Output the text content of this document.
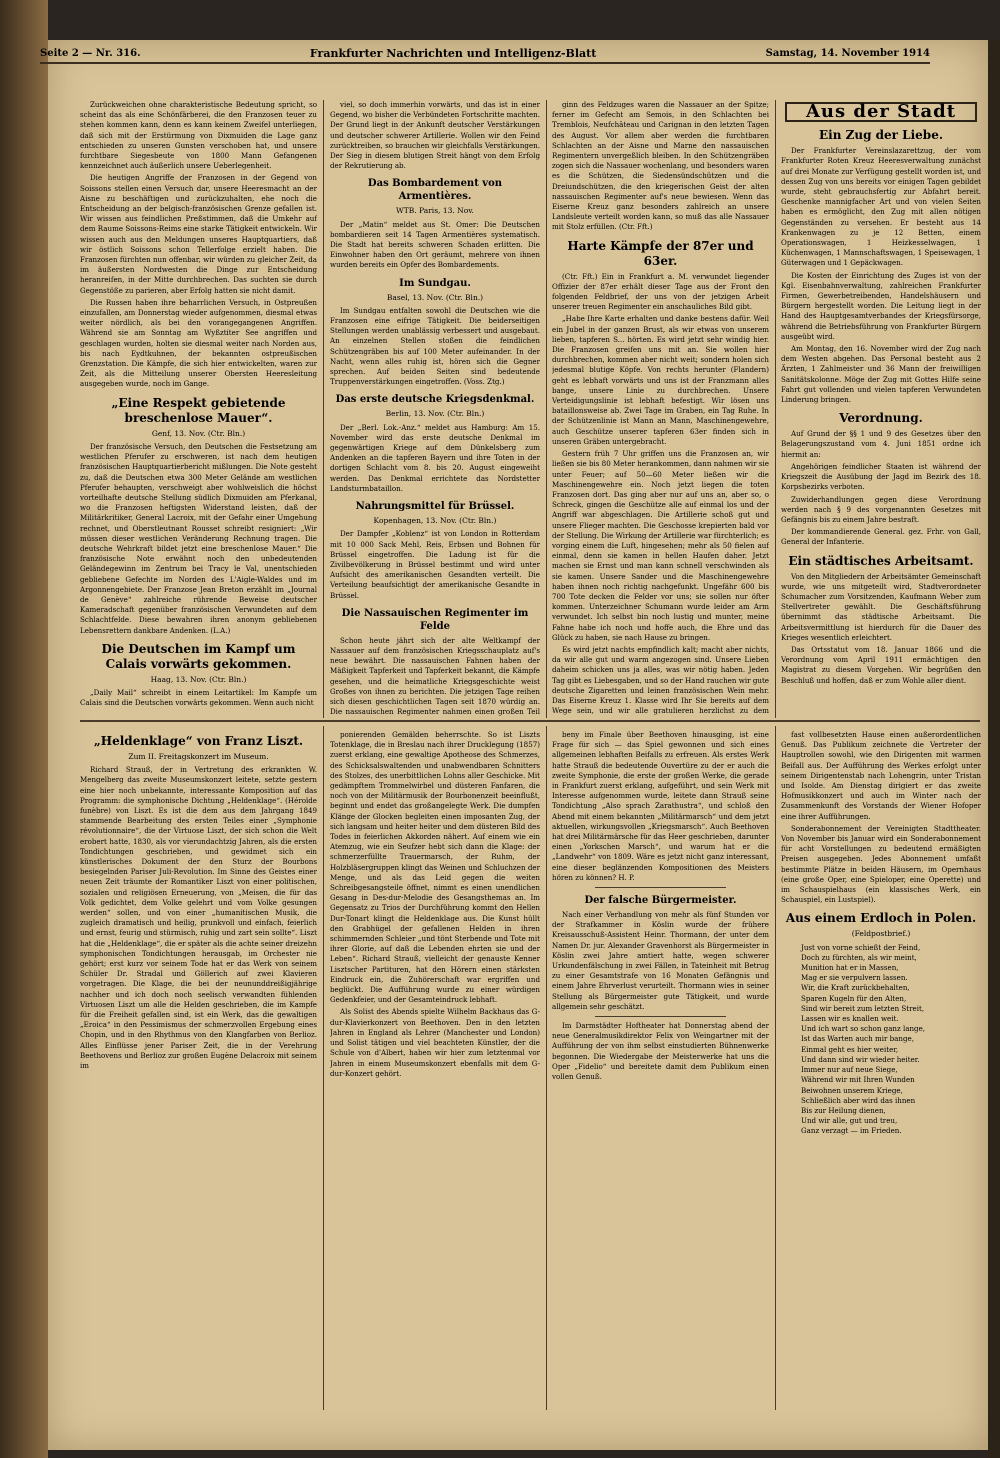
Seite 2 — Nr. 316.	Frankfurter Nachrichten und Intelligenz-Blatt	Samstag, 14. November 1914

Zurückweichen ohne charakteristische Bedeutung spricht, so scheint das als eine Schönfärberei, die den Franzosen teuer zu stehen kommen kann, denn es kann keinem Zweifel unterliegen, daß sich mit der Erstürmung von Dixmuiden die Lage ganz entschieden zu unseren Gunsten verschoben hat, und unsere furchtbare Siegesbeute von 1800 Mann Gefangenen kennzeichnet auch äußerlich unsere Ueberlegenheit.

Die heutigen Angriffe der Franzosen in der Gegend von Soissons stellen einen Versuch dar, unsere Heeresmacht an der Aisne zu beschäftigen und zurückzuhalten, ehe noch die Entscheidung an der belgisch-französischen Grenze gefallen ist. Wir wissen aus feindlichen Preßstimmen, daß die Umkehr auf dem Raume Soissons-Reims eine starke Tätigkeit entwickeln. Wir wissen auch aus den Meldungen unseres Hauptquartiers, daß wir östlich Soissons schon Tellerfolge erzielt haben. Die Franzosen fürchten nun offenbar, wir würden zu gleicher Zeit, da im äußersten Nordwesten die Dinge zur Entscheidung heranreifen, in der Mitte durchbrechen. Das suchten sie durch Gegenstöße zu parieren, aber Erfolg hatten sie nicht damit.

Die Russen haben ihre beharrlichen Versuch, in Ostpreußen einzufallen, am Donnerstag wieder aufgenommen, diesmal etwas weiter nördlich, als bei den vorangegangenen Angriffen. Während sie am Sonntag am Wyßztiter See angriffen und geschlagen wurden, holten sie diesmal weiter nach Norden aus, bis nach Eydtkuhnen, der bekannten ostpreußischen Grenzstation. Die Kämpfe, die sich hier entwickelten, waren zur Zeit, als die Mitteilung unserer Obersten Heeresleitung ausgegeben wurde, noch im Gange.

„Eine Respekt gebietende breschenlose Mauer“.
Genf, 13. Nov. (Ctr. Bln.)

Der französische Versuch, den Deutschen die Festsetzung am westlichen Pferufer zu erschweren, ist nach dem heutigen französischen Hauptquartierbericht mißlungen. Die Note gesteht zu, daß die Deutschen etwa 300 Meter Gelände am westlichen Pferufer behaupten, verschweigt aber wohlweislich die höchst vorteilhafte deutsche Stellung südlich Dixmuiden am Pferkanal, wo die Franzosen heftigsten Widerstand leisten, daß der Militärkritiker, General Lacroix, mit der Gefahr einer Umgehung rechnet, und Oberstleutnant Rousset schreibt resigniert: „Wir müssen dieser westlichen Veränderung Rechnung tragen. Die deutsche Wehrkraft bildet jetzt eine breschenlose Mauer.“ Die französische Note erwähnt noch den unbedeutenden Geländegewinn im Zentrum bei Tracy le Val, unentschieden gebliebene Gefechte im Norden des L'Aigle-Waldes und im Argonnengebiete. Der Franzose Jean Breton erzählt im „Journal de Genève“ zahlreiche rührende Beweise deutscher Kameradschaft gegenüber französischen Verwundeten auf dem Schlachtfelde. Diese bewahren ihren anonym gebliebenen Lebensrettern dankbare Andenken. (L.A.)

Die Deutschen im Kampf um Calais vorwärts gekommen.
Haag, 13. Nov. (Ctr. Bln.)

„Daily Mail“ schreibt in einem Leitartikel: Im Kampfe um Calais sind die Deutschen vorwärts gekommen. Wenn auch nicht

viel, so doch immerhin vorwärts, und das ist in einer Gegend, wo bisher die Verbündeten Fortschritte machten. Der Grund liegt in der Ankunft deutscher Verstärkungen und deutscher schwerer Artillerie. Wollen wir den Feind zurücktreiben, so brauchen wir gleichfalls Verstärkungen. Der Sieg in diesem blutigen Streit hängt von dem Erfolg der Rekrutierung ab.

Das Bombardement von Armentières.
WTB. Paris, 13. Nov.

Der „Matin“ meldet aus St. Omer: Die Deutschen bombardieren seit 14 Tagen Armentières systematisch. Die Stadt hat bereits schweren Schaden erlitten. Die Einwohner haben den Ort geräumt, mehrere von ihnen wurden bereits ein Opfer des Bombardements.

Im Sundgau.
Basel, 13. Nov. (Ctr. Bln.)

Im Sundgau entfalten sowohl die Deutschen wie die Franzosen eine eifrige Tätigkeit. Die beiderseitigen Stellungen werden unablässig verbessert und ausgebaut. An einzelnen Stellen stoßen die feindlichen Schützengräben bis auf 100 Meter aufeinander. In der Nacht, wenn alles ruhig ist, hören sich die Gegner sprechen. Auf beiden Seiten sind bedeutende Truppenverstärkungen eingetroffen. (Voss. Ztg.)

Das erste deutsche Kriegsdenkmal.
Berlin, 13. Nov. (Ctr. Bln.)

Der „Berl. Lok.-Anz.“ meldet aus Hamburg: Am 15. November wird das erste deutsche Denkmal im gegenwärtigen Kriege auf dem Dünkelsberg zum Andenken an die tapferen Bayern und ihre Toten in der dortigen Schlacht vom 8. bis 20. August eingeweiht werden. Das Denkmal errichtete das Nordstetter Landsturmbataillon.

Nahrungsmittel für Brüssel.
Kopenhagen, 13. Nov. (Ctr. Bln.)

Der Dampfer „Koblenz“ ist von London in Rotterdam mit 10 000 Sack Mehl, Reis, Erbsen und Bohnen für Brüssel eingetroffen. Die Ladung ist für die Zivilbevölkerung in Brüssel bestimmt und wird unter Aufsicht des amerikanischen Gesandten verteilt. Die Verteilung beaufsichtigt der amerikanische Gesandte in Brüssel.

Die Nassauischen Regimenter im Felde

Schon heute jährt sich der alte Weltkampf der Nassauer auf dem französischen Kriegsschauplatz auf's neue bewährt. Die nassauischen Fahnen haben der Mäßigkeit Tapferkeit und Tapferkeit bekannt, die Kämpfe gesehen, und die heimatliche Kriegsgeschichte weist Großes von ihnen zu berichten. Die jetzigen Tage reihen sich diesen geschichtlichen Tagen seit 1870 würdig an. Die nassauischen Regimenter nahmen einen großen Teil

ginn des Feldzuges waren die Nassauer an der Spitze; ferner im Gefecht am Semois, in den Schlachten bei Tremblois, Neufchâteau und Carignan in den letzten Tagen des August. Vor allem aber werden die furchtbaren Schlachten an der Aisne und Marne den nassauischen Regimentern unvergeßlich bleiben. In den Schützengräben zogen sich die Nassauer wochenlang, und besonders waren es die Schützen, die Siedensündschützen und die Dreiundschützen, die den kriegerischen Geist der alten nassauischen Regimenter auf's neue bewiesen. Wenn das Eiserne Kreuz ganz besonders zahlreich an unsere Landsleute verteilt worden kann, so muß das alle Nassauer mit Stolz erfüllen. (Ctr. Fft.)

Harte Kämpfe der 87er und 63er.

(Ctr. Fft.) Ein in Frankfurt a. M. verwundet liegender Offizier der 87er erhält dieser Tage aus der Front den folgenden Feldbrief, der uns von der jetzigen Arbeit unserer treuen Regimenter ein anschauliches Bild gibt.

„Habe Ihre Karte erhalten und danke bestens dafür. Weil ein Jubel in der ganzen Brust, als wir etwas von unserem lieben, tapferen S... hörten. Es wird jetzt sehr windig hier. Die Franzosen greifen uns mit an. Sie wollen hier durchbrechen, kommen aber nicht weit; sondern holen sich jedesmal blutige Köpfe. Von rechts herunter (Flandern) geht es lebhaft vorwärts und uns ist der Franzmann alles bange, unsere Linie zu durchbrechen. Unsere Verteidigungslinie ist lebhaft befestigt. Wir lösen uns bataillonsweise ab. Zwei Tage im Graben, ein Tag Ruhe. In der Schützenlinie ist Mann an Mann, Maschinengewehre, auch Geschütze unserer tapferen 63er finden sich in unseren Gräben untergebracht.

Gestern früh 7 Uhr griffen uns die Franzosen an, wir ließen sie bis 80 Meter herankommen, dann nahmen wir sie unter Feuer; auf 50—60 Meter ließen wir die Maschinengewehre ein. Noch jetzt liegen die toten Franzosen dort. Das ging aber nur auf uns an, aber so, o Schreck, gingen die Geschütze alle auf einmal los und der Angriff war abgeschlagen. Die Artillerie schoß gut und unsere Flieger machten. Die Geschosse krepierten bald vor der Stellung. Die Wirkung der Artillerie war fürchterlich; es vorging einem die Luft, hingesehen; mehr als 50 fielen auf einmal, denn sie kamen in hellen Haufen daher. Jetzt machen sie Ernst und man kann schnell verschwinden als sie kamen. Unsere Sander und die Maschinengewehre haben ihnen noch richtig nachgefunkt. Ungefähr 600 bis 700 Tote decken die Felder vor uns; sie sollen nur öfter kommen. Unterzeichner Schumann wurde leider am Arm verwundet. Ich selbst bin noch lustig und munter, meine Fahne habe ich noch und hoffe auch, die Ehre und das Glück zu haben, sie nach Hause zu bringen.

Es wird jetzt nachts empfindlich kalt; macht aber nichts, da wir alle gut und warm angezogen sind. Unsere Lieben daheim schicken uns ja alles, was wir nötig haben. Jeden Tag gibt es Liebesgaben, und so der Hand rauchen wir gute deutsche Zigaretten und leinen französischen Wein mehr. Das Eiserne Kreuz 1. Klasse wird Ihr Sie bereits auf dem Wege sein, und wir alle gratulieren herzlichst zu dem

Aus der Stadt
Ein Zug der Liebe.

Der Frankfurter Vereinslazarettzug, der vom Frankfurter Roten Kreuz Heeresverwaltung zunächst auf drei Monate zur Verfügung gestellt worden ist, und dessen Zug von uns bereits vor einigen Tagen gebildet wurde, steht gebrauchsfertig zur Abfahrt bereit. Geschenke mannigfacher Art und von vielen Seiten haben es ermöglicht, den Zug mit allen nötigen Gegenständen zu versehen. Er besteht aus 14 Krankenwagen zu je 12 Betten, einem Operationswagen, 1 Heizkesselwagen, 1 Küchenwagen, 1 Mannschaftswagen, 1 Speisewagen, 1 Güterwagen und 1 Gepäckwagen.

Die Kosten der Einrichtung des Zuges ist von der Kgl. Eisenbahnverwaltung, zahlreichen Frankfurter Firmen, Gewerbetreibenden, Handelshäusern und Bürgern hergestellt worden. Die Leitung liegt in der Hand des Hauptgesamtverbandes der Kriegsfürsorge, während die Betriebsführung von Frankfurter Bürgern ausgeübt wird.

Am Montag, den 16. November wird der Zug nach dem Westen abgehen. Das Personal besteht aus 2 Ärzten, 1 Zahlmeister und 36 Mann der freiwilligen Sanitätskolonne. Möge der Zug mit Gottes Hilfe seine Fahrt gut vollenden und vielen tapferen Verwundeten Linderung bringen.

Verordnung.

Auf Grund der §§ 1 und 9 des Gesetzes über den Belagerungszustand vom 4. Juni 1851 ordne ich hiermit an:

Angehörigen feindlicher Staaten ist während der Kriegszeit die Ausübung der Jagd im Bezirk des 18. Korpsbezirks verboten.

Zuwiderhandlungen gegen diese Verordnung werden nach § 9 des vorgenannten Gesetzes mit Gefängnis bis zu einem Jahre bestraft.

Der kommandierende General. gez. Frhr. von Gall, General der Infanterie.

Ein städtisches Arbeitsamt.

Von den Mitgliedern der Arbeitsämter Gemeinschaft wurde, wie uns mitgeteilt wird, Stadtverordneter Schumacher zum Vorsitzenden, Kaufmann Weber zum Stellvertreter gewählt. Die Geschäftsführung übernimmt das städtische Arbeitsamt. Die Arbeitsvermittlung ist hierdurch für die Dauer des Krieges wesentlich erleichtert.

Das Ortsstatut vom 18. Januar 1866 und die Verordnung vom April 1911 ermächtigen den Magistrat zu diesem Vorgehen. Wir begrüßen den Beschluß und hoffen, daß er zum Wohle aller dient.

„Heldenklage“ von Franz Liszt.
Zum II. Freitagskonzert im Museum.

Richard Strauß, der in Vertretung des erkrankten W. Mengelberg das zweite Museumskonzert leitete, setzte gestern eine hier noch unbekannte, interessante Komposition auf das Programm: die symphonische Dichtung „Heldenklage“. (Héroïde funèbre) von Liszt. Es ist die dem aus dem Jahrgang 1849 stammende Bearbeitung des ersten Teiles einer „Symphonie révolutionnaire“, die der Virtuose Liszt, der sich schon die Welt erobert hatte, 1830, als vor vierundachtzig Jahren, als die ersten Tondichtungen geschrieben, und gewidmet sich ein künstlerisches Dokument der den Sturz der Bourbons besiegelnden Pariser Juli-Revolution. Im Sinne des Geistes einer neuen Zeit träumte der Romantiker Liszt von einer politischen, sozialen und religiösen Erneuerung, von „Meisen, die für das Volk gedichtet, dem Volke gelehrt und vom Volke gesungen werden“ sollen, und von einer „humanitischen Musik, die zugleich dramatisch und heilig, prunkvoll und einfach, feierlich und ernst, feurig und stürmisch, ruhig und zart sein sollte“. Liszt hat die „Heldenklage“, die er später als die achte seiner dreizehn symphonischen Tondichtungen herausgab, im Orchester nie gehört; erst kurz vor seinem Tode hat er das Werk von seinem Schüler Dr. Stradal und Göllerich auf zwei Klavieren vorgetragen. Die Klage, die bei der neununddreißigjährige nachher und ich doch noch seelisch verwandten fühlenden Virtuosen Liszt um alle die Helden geschrieben, die im Kampfe für die Freiheit gefallen sind, ist ein Werk, das die gewaltigen „Eroica“ in den Pessimismus der schmerzvollen Ergebung eines Chopin, und in den Rhythmus von den Klangfarben von Berlioz. Alles Einflüsse jener Pariser Zeit, die in der Verehrung Beethovens und Berlioz zur großen Eugène Delacroix mit seinem im

ponierenden Gemälden beherrschte. So ist Liszts Totenklage, die in Breslau nach ihrer Drucklegung (1857) zuerst erklang, eine gewaltige Apotheose des Schmerzes, des Schicksalswaltenden und unabwendbaren Schnitters des Stolzes, des unerbittlichen Lohns aller Geschicke. Mit gedämpftem Trommelwirbel und düsteren Fanfaren, die noch von der Militärmusik der Bourbonenzeit beeinflußt, beginnt und endet das großangelegte Werk. Die dumpfen Klänge der Glocken begleiten einen imposanten Zug, der sich langsam und heiter heiter und dem düsteren Bild des Todes in feierlichen Akkorden nähert. Auf einem wie ein Atemzug, wie ein Seufzer hebt sich dann die Klage: der schmerzerfüllte Trauermarsch, der Ruhm, der Holzbläsergruppen klingt das Weinen und Schluchzen der Menge, und als das Leid gegen die weiten Schreibgesangsteile öffnet, nimmt es einen unendlichen Gesang in Des-dur-Melodie des Gesangsthemas an. Im Gegensatz zu Trios der Durchführung kommt den Hellen Dur-Tonart klingt die Heldenklage aus. Die Kunst hüllt den Grabhügel der gefallenen Helden in ihren schimmernden Schleier „und tönt Sterbende und Tote mit ihrer Glorie, auf daß die Lebenden ehrten sie und der Leben“. Richard Strauß, vielleicht der genauste Kenner Lisztscher Partituren, hat den Hörern einen stärksten Eindruck ein, die Zuhörerschaft war ergriffen und beglückt. Die Aufführung wurde zu einer würdigen Gedenkfeier, und der Gesamteindruck lebhaft.

Als Solist des Abends spielte Wilhelm Backhaus das G-dur-Klavierkonzert von Beethoven. Den in den letzten Jahren in England als Lehrer (Manchester und London) und Solist tätigen und viel beachteten Künstler, der die Schule von d'Albert, haben wir hier zum letztenmal vor Jahren in einem Museumskonzert ebenfalls mit dem G-dur-Konzert gehört.

beny im Finale über Beethoven hinausging, ist eine Frage für sich — das Spiel gewonnen und sich eines allgemeinen lebhaften Beifalls zu erfreuen. Als erstes Werk hatte Strauß die bedeutende Ouvertüre zu der er auch die zweite Symphonie, die erste der großen Werke, die gerade in Frankfurt zuerst erklang, aufgeführt, und sein Werk mit Interesse aufgenommen wurde, leitete dann Strauß seine Tondichtung „Also sprach Zarathustra“, und schloß den Abend mit einem bekannten „Militärmarsch“ und dem jetzt aktuellen, wirkungsvollen „Kriegsmarsch“. Auch Beethoven hat drei Militärmärsche für das Heer geschrieben, darunter einen „Yorkschen Marsch“, und warum hat er die „Landwehr“ von 1809. Wäre es jetzt nicht ganz interessant, eine dieser beglänzenden Kompositionen des Meisters hören zu können? H. P.

Der falsche Bürgermeister.

Nach einer Verhandlung von mehr als fünf Stunden vor der Strafkammer in Köslin wurde der frühere Kreisausschuß-Assistent Heinr. Thormann, der unter dem Namen Dr. jur. Alexander Gravenhorst als Bürgermeister in Köslin zwei Jahre amtiert hatte, wegen schwerer Urkundenfälschung in zwei Fällen, in Tateinheit mit Betrug zu einer Gesamtstrafe von 16 Monaten Gefängnis und einem Jahre Ehrverlust verurteilt. Thormann wies in seiner Stellung als Bürgermeister gute Tätigkeit, und wurde allgemein sehr geschätzt.

Im Darmstädter Hoftheater hat Donnerstag abend der neue Generalmusikdirektor Felix von Weingartner mit der Aufführung der von ihm selbst einstudierten Bühnenwerke begonnen. Die Wiedergabe der Meisterwerke hat uns die Oper „Fidelio“ und bereitete damit dem Publikum einen vollen Genuß.

fast vollbesetzten Hause einen außerordentlichen Genuß. Das Publikum zeichnete die Vertreter der Hauptrollen sowohl, wie den Dirigenten mit warmen Beifall aus. Der Aufführung des Werkes erfolgt unter seinem Dirigentenstab nach Lohengrin, unter Tristan und Isolde. Am Dienstag dirigiert er das zweite Hofmusikkonzert und auch im Winter nach der Zusammenkunft des Vorstands der Wiener Hofoper eine ihrer Aufführungen.

Sonderabonnement der Vereinigten Stadttheater. Von November bis Januar wird ein Sonderabonnement für acht Vorstellungen zu bedeutend ermäßigten Preisen ausgegeben. Jedes Abonnement umfaßt bestimmte Plätze in beiden Häusern, im Opernhaus (eine große Oper, eine Spieloper, eine Operette) und im Schauspielhaus (ein klassisches Werk, ein Schauspiel, ein Lustspiel).

Aus einem Erdloch in Polen.
(Feldpostbrief.)

Just von vorne schießt der Feind,

Doch zu fürchten, als wir meint,

Munition hat er in Massen,

Mag er sie verpulvern lassen.

Wir, die Kraft zurückbehalten,

Sparen Kugeln für den Alten,

Sind wir bereit zum letzten Streit,

Lassen wir es knallen weit.

Und ich wart so schon ganz lange,

Ist das Warten auch mir bange,

Einmal geht es hier weiter,

Und dann sind wir wieder heiter.

Immer nur auf neue Siege,

Während wir mit Ihren Wunden

Beiwohnen unserem Kriege,

Schließlich aber wird das ihnen

Bis zur Heilung dienen,

Und wir alle, gut und treu,

Ganz verzagt — im Frieden.
